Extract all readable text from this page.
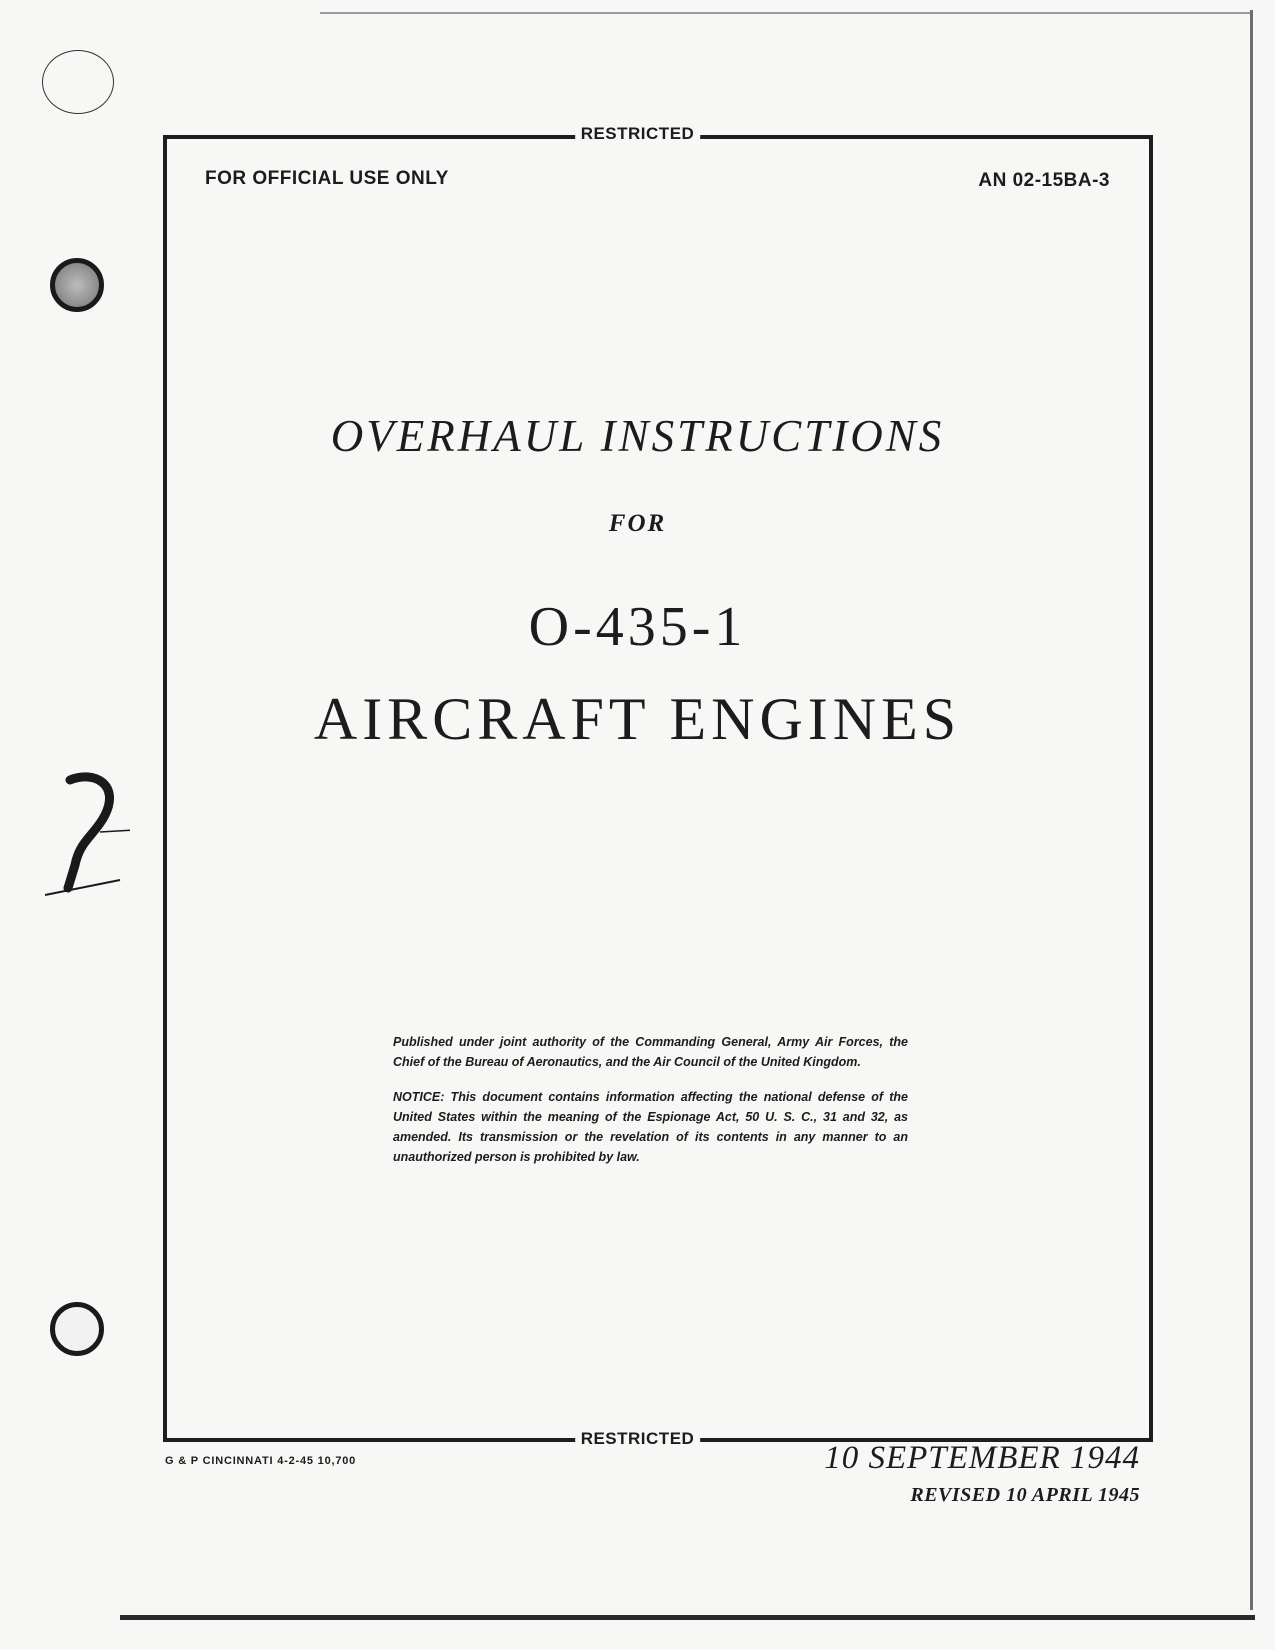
RESTRICTED
FOR OFFICIAL USE ONLY	AN 02-15BA-3
OVERHAUL INSTRUCTIONS
FOR
O-435-1
AIRCRAFT ENGINES

Published under joint authority of the Commanding General, Army Air Forces, the Chief of the Bureau of Aeronautics, and the Air Council of the United Kingdom.

NOTICE: This document contains information affecting the national defense of the United States within the meaning of the Espionage Act, 50 U. S. C., 31 and 32, as amended. Its transmission or the revelation of its contents in any manner to an unauthorized person is prohibited by law.

RESTRICTED
G & P CINCINNATI 4-2-45 10,700	10 SEPTEMBER 1944
REVISED 10 APRIL 1945
